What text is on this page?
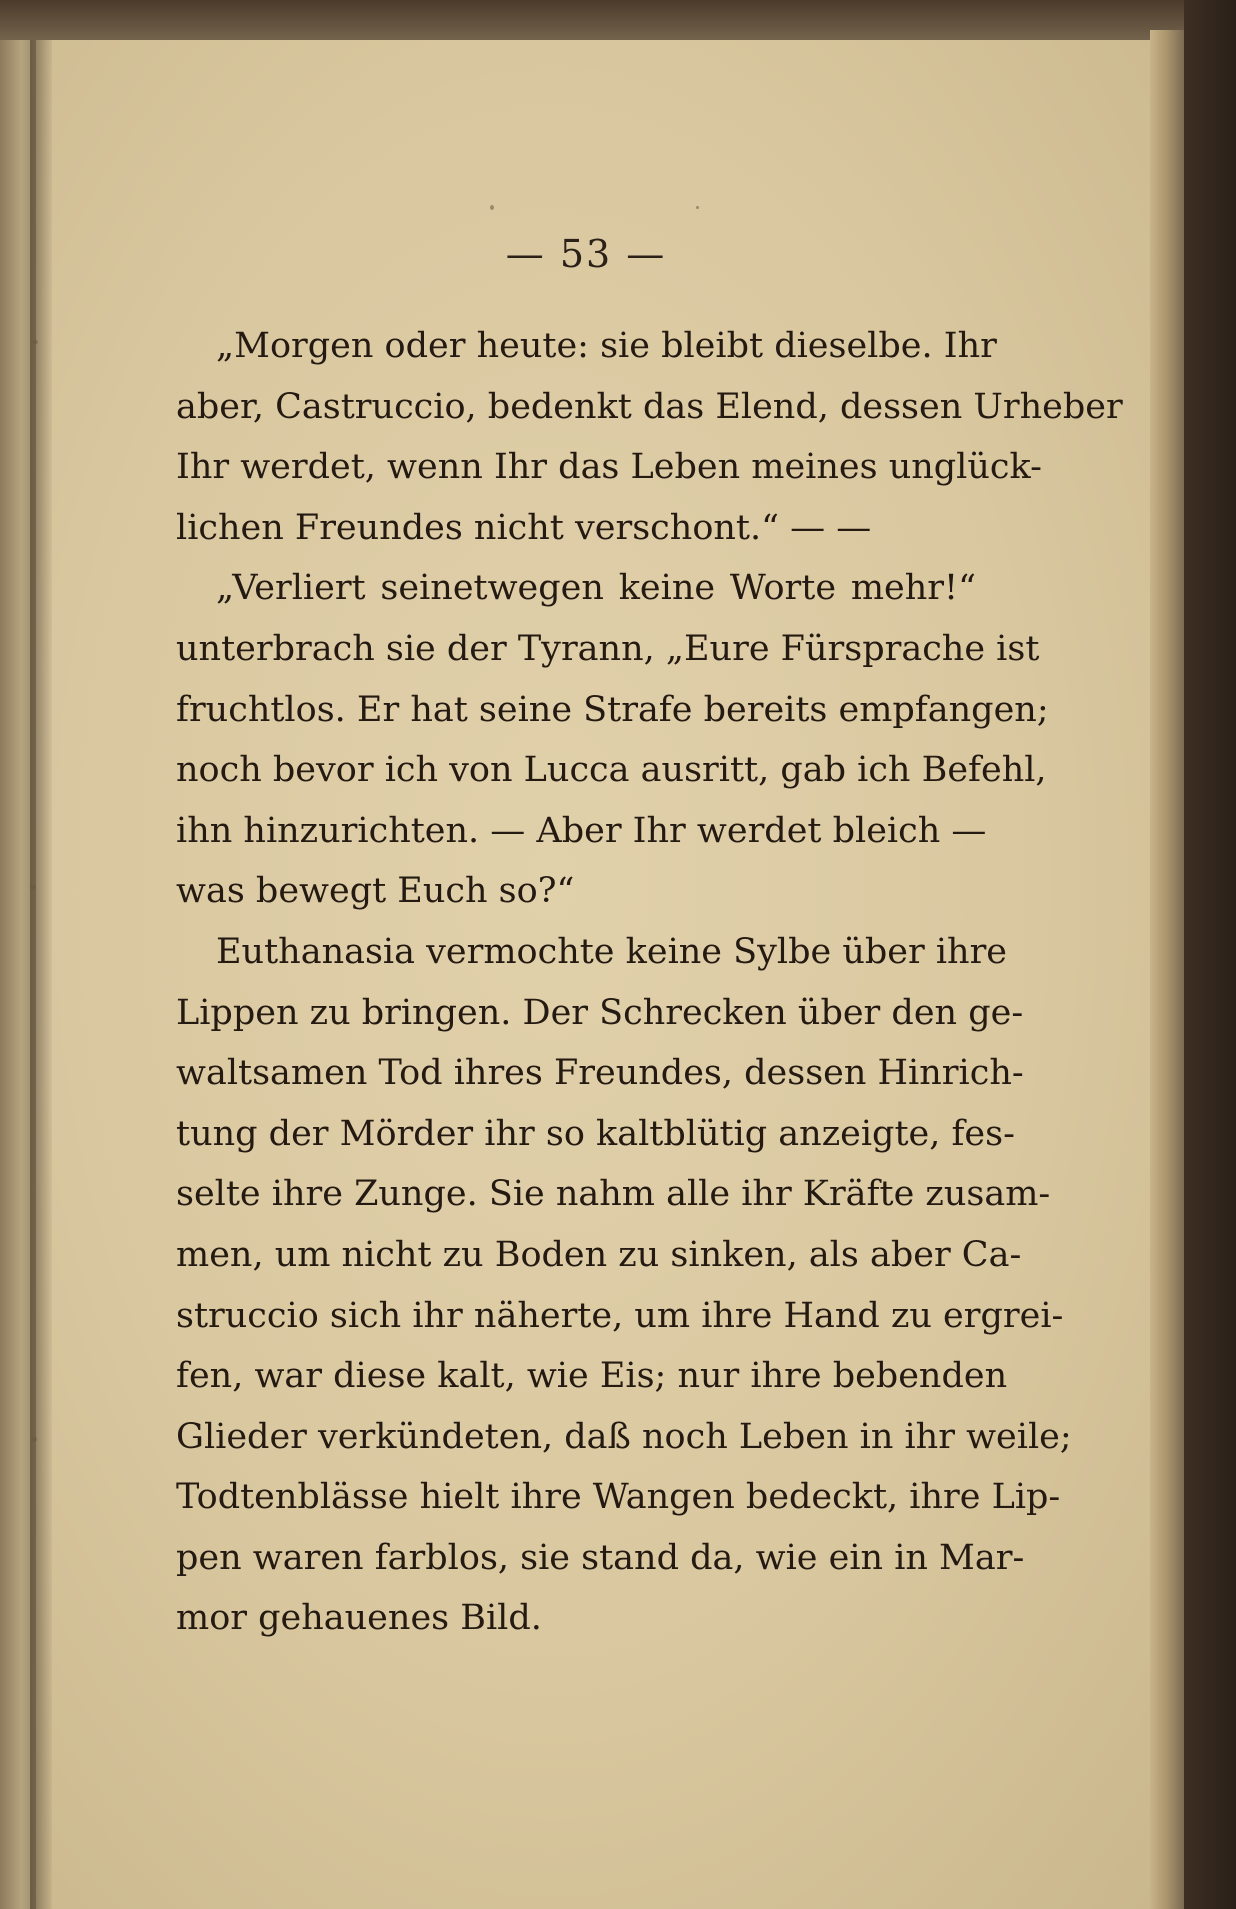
— 53 —
„Morgen oder heute: sie bleibt dieselbe. Ihr
aber, Castruccio, bedenkt das Elend, dessen Urheber
Ihr werdet, wenn Ihr das Leben meines unglück-
lichen Freundes nicht verschont.“ — —
„Verliert seinetwegen keine Worte mehr!“
unterbrach sie der Tyrann, „Eure Fürsprache ist
fruchtlos. Er hat seine Strafe bereits empfangen;
noch bevor ich von Lucca ausritt, gab ich Befehl,
ihn hinzurichten. — Aber Ihr werdet bleich —
was bewegt Euch so?“
Euthanasia vermochte keine Sylbe über ihre
Lippen zu bringen. Der Schrecken über den ge-
waltsamen Tod ihres Freundes, dessen Hinrich-
tung der Mörder ihr so kaltblütig anzeigte, fes-
selte ihre Zunge. Sie nahm alle ihr Kräfte zusam-
men, um nicht zu Boden zu sinken, als aber Ca-
struccio sich ihr näherte, um ihre Hand zu ergrei-
fen, war diese kalt, wie Eis; nur ihre bebenden
Glieder verkündeten, daß noch Leben in ihr weile;
Todtenblässe hielt ihre Wangen bedeckt, ihre Lip-
pen waren farblos, sie stand da, wie ein in Mar-
mor gehauenes Bild.
